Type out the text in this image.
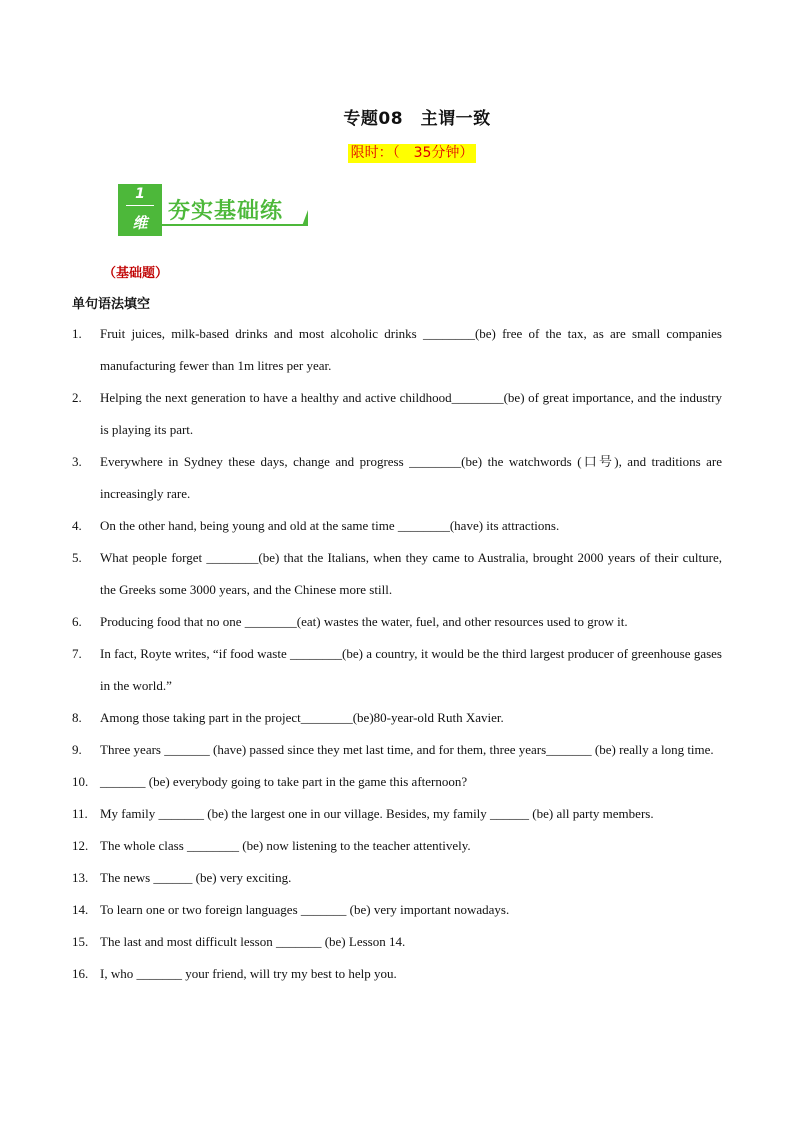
专题08　主谓一致
限时：（　35分钟）
1
维 夯实基础练
（基础题）
单句语法填空
1.	Fruit juices, milk-based drinks and most alcoholic drinks ________(be) free of the tax, as are small companies manufacturing fewer than 1m litres per year.
2.	Helping the next generation to have a healthy and active childhood________(be) of great importance, and the industry is playing its part.
3.	Everywhere in Sydney these days, change and progress ________(be) the watchwords (口号), and traditions are increasingly rare.
4.	On the other hand, being young and old at the same time ________(have) its attractions.
5.	What people forget ________(be) that the Italians, when they came to Australia, brought 2000 years of their culture, the Greeks some 3000 years, and the Chinese more still.
6.	Producing food that no one ________(eat) wastes the water, fuel, and other resources used to grow it.
7.	In fact, Royte writes, “if food waste ________(be) a country, it would be the third largest producer of greenhouse gases in the world.”
8.	Among those taking part in the project________(be)80-year-old Ruth Xavier.
9.	Three years _______ (have) passed since they met last time, and for them, three years_______ (be) really a long time.
10. _______ (be) everybody going to take part in the game this afternoon?
11. My family _______ (be) the largest one in our village. Besides, my family ______ (be) all party members.
12. The whole class ________ (be) now listening to the teacher attentively.
13. The news ______ (be) very exciting.
14. To learn one or two foreign languages _______ (be) very important nowadays.
15. The last and most difficult lesson _______ (be) Lesson 14.
16. I, who _______ your friend, will try my best to help you.
